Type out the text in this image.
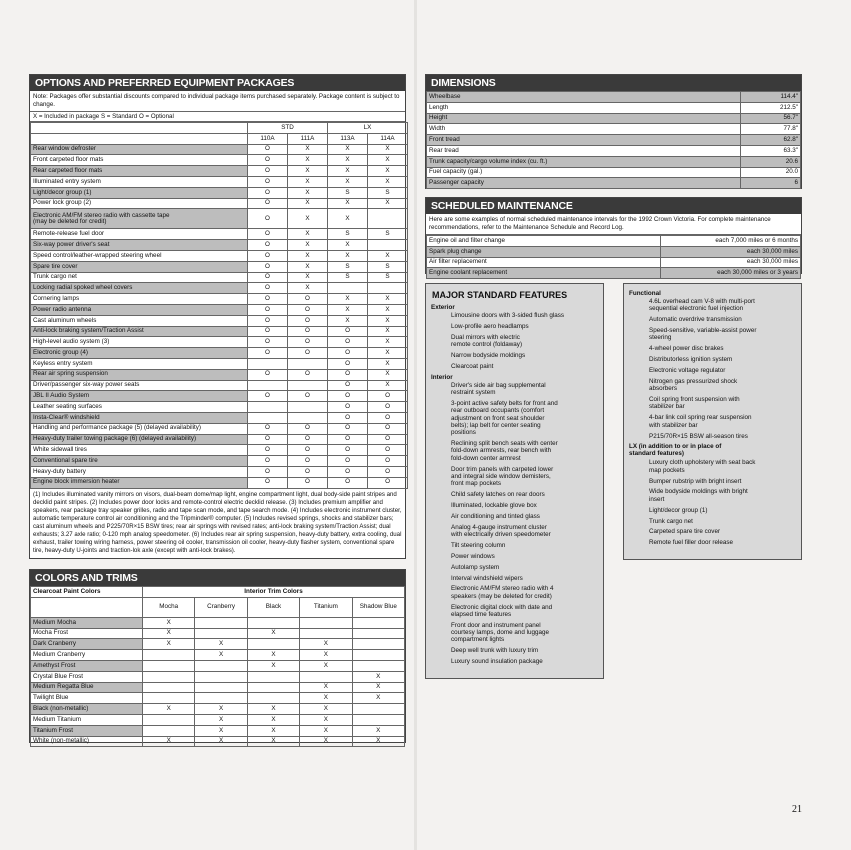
OPTIONS AND PREFERRED EQUIPMENT PACKAGES
Note: Packages offer substantial discounts compared to individual package items purchased separately. Package content is subject to change.
X = Included in package S = Standard O = Optional
	STD		LX	
	110A	111A	113A	114A
Rear window defroster	O	X	X	X
Front carpeted floor mats	O	X	X	X
Rear carpeted floor mats	O	X	X	X
Illuminated entry system	O	X	X	X
Light/decor group (1)	O	X	S	S
Power lock group (2)	O	X	X	X
Electronic AM/FM stereo radio with cassette tape
(may be deleted for credit)	O	X	X	
Remote-release fuel door	O	X	S	S
Six-way power driver's seat	O	X	X	
Speed control/leather-wrapped steering wheel	O	X	X	X
Spare tire cover	O	X	S	S
Trunk cargo net	O	X	S	S
Locking radial spoked wheel covers	O	X		
Cornering lamps	O	O	X	X
Power radio antenna	O	O	X	X
Cast aluminum wheels	O	O	X	X
Anti-lock braking system/Traction Assist	O	O	O	X
High-level audio system (3)	O	O	O	X
Electronic group (4)	O	O	O	X
Keyless entry system			O	X
Rear air spring suspension	O	O	O	X
Driver/passenger six-way power seats			O	X
JBL II Audio System	O	O	O	O
Leather seating surfaces			O	O
Insta-Clear® windshield			O	O
Handling and performance package (5) (delayed availability)	O	O	O	O
Heavy-duty trailer towing package (6) (delayed availability)	O	O	O	O
White sidewall tires	O	O	O	O
Conventional spare tire	O	O	O	O
Heavy-duty battery	O	O	O	O
Engine block immersion heater	O	O	O	O
(1) Includes illuminated vanity mirrors on visors, dual-beam dome/map light, engine compartment light, dual body-side paint stripes and decklid paint stripes. (2) Includes power door locks and remote-control electric decklid release. (3) Includes premium amplifier and speakers, rear package tray speaker grilles, radio and tape scan mode, and tape search mode. (4) Includes electronic instrument cluster, automatic temperature control air conditioning and the Tripminder® computer. (5) Includes revised springs, shocks and stabilizer bars; cast aluminum wheels and P225/70R×15 BSW tires; rear air springs with revised rates; anti-lock braking system/Traction Assist; dual exhausts; 3.27 axle ratio; 0-120 mph analog speedometer. (6) Includes rear air spring suspension, heavy-duty battery, extra cooling, dual exhaust, trailer towing wiring harness, power steering oil cooler, transmission oil cooler, heavy-duty flasher system, conventional spare tire, heavy-duty U-joints and traction-lok axle (except with anti-lock brakes).
COLORS AND TRIMS
Clearcoat Paint Colors	Interior Trim Colors				
	Mocha	Cranberry	Black	Titanium	Shadow Blue
Medium Mocha	X				
Mocha Frost	X		X		
Dark Cranberry	X	X		X	
Medium Cranberry		X	X	X	
Amethyst Frost			X	X	
Crystal Blue Frost					X
Medium Regatta Blue				X	X
Twilight Blue				X	X
Black (non-metallic)	X	X	X	X	
Medium Titanium		X	X	X	
Titanium Frost		X	X	X	X
White (non-metallic)	X	X	X	X	X
DIMENSIONS
Wheelbase	114.4"
Length	212.5"
Height	56.7"
Width	77.8"
Front tread	62.8"
Rear tread	63.3"
Trunk capacity/cargo volume index (cu. ft.)	20.6
Fuel capacity (gal.)	20.0
Passenger capacity	6
SCHEDULED MAINTENANCE
Here are some examples of normal scheduled maintenance intervals for the 1992 Crown Victoria. For complete maintenance recommendations, refer to the Maintenance Schedule and Record Log.
Engine oil and filter change	each 7,000 miles or 6 months
Spark plug change	each 30,000 miles
Air filter replacement	each 30,000 miles
Engine coolant replacement	each 30,000 miles or 3 years
MAJOR STANDARD FEATURES
Exterior
Limousine doors with 3-sided flush glass
Low-profile aero headlamps
Dual mirrors with electric
remote control (foldaway)
Narrow bodyside moldings
Clearcoat paint
Interior
Driver's side air bag supplemental
restraint system
3-point active safety belts for front and
rear outboard occupants (comfort
adjustment on front seat shoulder
belts); lap belt for center seating
positions
Reclining split bench seats with center
fold-down armrests, rear bench with
fold-down center armrest
Door trim panels with carpeted lower
and integral side window demisters,
front map pockets
Child safety latches on rear doors
Illuminated, lockable glove box
Air conditioning and tinted glass
Analog 4-gauge instrument cluster
with electrically driven speedometer
Tilt steering column
Power windows
Autolamp system
Interval windshield wipers
Electronic AM/FM stereo radio with 4
speakers (may be deleted for credit)
Electronic digital clock with date and
elapsed time features
Front door and instrument panel
courtesy lamps, dome and luggage
compartment lights
Deep well trunk with luxury trim
Luxury sound insulation package
Functional
4.6L overhead cam V-8 with multi-port
sequential electronic fuel injection
Automatic overdrive transmission
Speed-sensitive, variable-assist power
steering
4-wheel power disc brakes
Distributorless ignition system
Electronic voltage regulator
Nitrogen gas pressurized shock
absorbers
Coil spring front suspension with
stabilizer bar
4-bar link coil spring rear suspension
with stabilizer bar
P215/70R×15 BSW all-season tires
LX (in addition to or in place of
standard features)
Luxury cloth upholstery with seat back
map pockets
Bumper rubstrip with bright insert
Wide bodyside moldings with bright
insert
Light/decor group (1)
Trunk cargo net
Carpeted spare tire cover
Remote fuel filler door release
21
